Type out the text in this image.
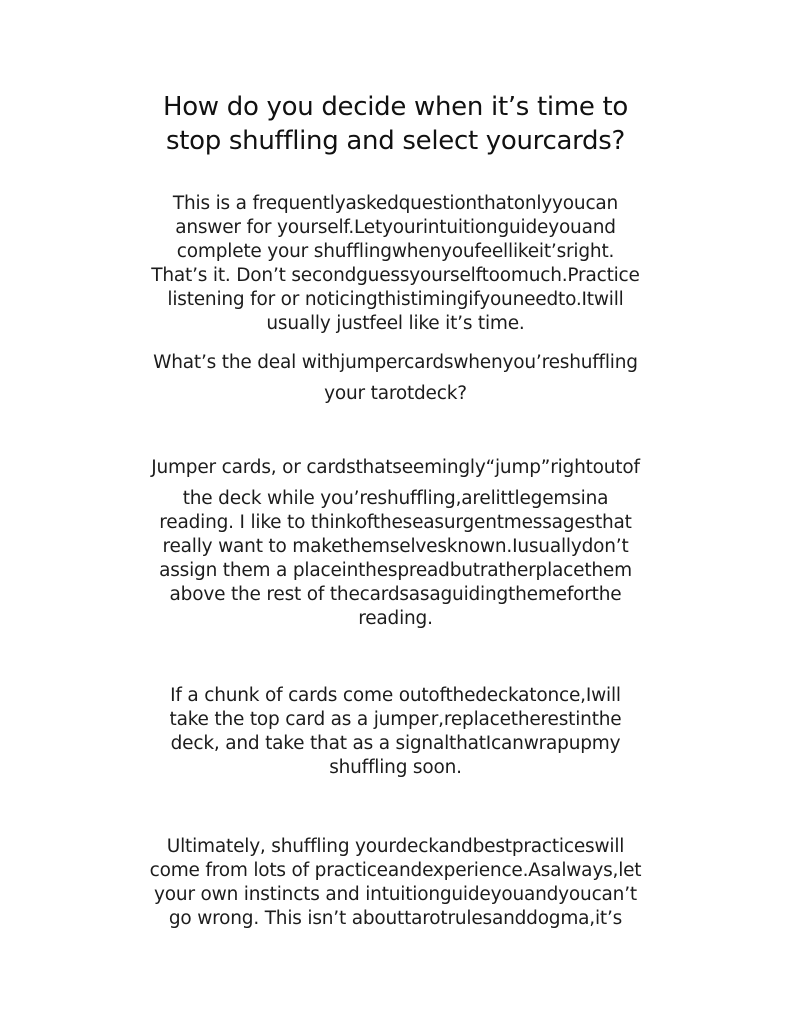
How do you decide when it’s time to
stop shuffling and select yourcards?
This is a frequentlyaskedquestionthatonlyyoucan
answer for yourself.Letyourintuitionguideyouand
complete your shufflingwhenyoufeellikeit’sright.
That’s it. Don’t secondguessyourselftoomuch.Practice
listening for or noticingthistimingifyouneedto.Itwill
usually justfeel like it’s time.
What’s the deal withjumpercardswhenyou’reshuffling
your tarotdeck?
Jumper cards, or cardsthatseemingly“jump”rightoutof
the deck while you’reshuffling,arelittlegemsina
reading. I like to thinkoftheseasurgentmessagesthat
really want to makethemselvesknown.Iusuallydon’t
assign them a placeinthespreadbutratherplacethem
above the rest of thecardsasaguidingthemeforthe
reading.
If a chunk of cards come outofthedeckatonce,Iwill
take the top card as a jumper,replacetherestinthe
deck, and take that as a signalthatIcanwrapupmy
shuffling soon.
Ultimately, shuffling yourdeckandbestpracticeswill
come from lots of practiceandexperience.Asalways,let
your own instincts and intuitionguideyouandyoucan’t
go wrong. This isn’t abouttarotrulesanddogma,it’s
